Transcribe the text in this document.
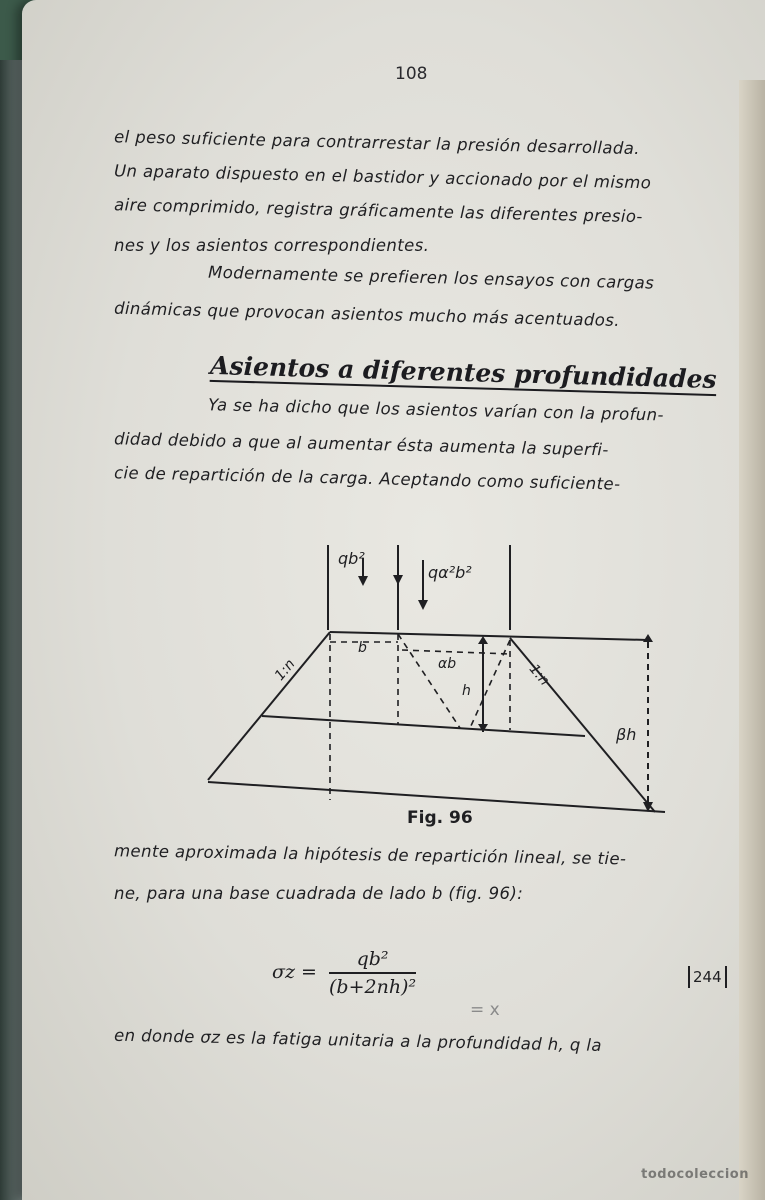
108
el peso suficiente para contrarrestar la presión desarrollada.
Un aparato dispuesto en el bastidor y accionado por el mismo
aire comprimido, registra gráficamente las diferentes presio-
nes y los asientos correspondientes.
Modernamente se prefieren los ensayos con cargas
dinámicas que provocan asientos mucho más acentuados.
Asientos a diferentes profundidades
Ya se ha dicho que los asientos varían con la profun-
didad debido a que al aumentar ésta aumenta la superfi-
cie de repartición de la carga. Aceptando como suficiente-
qb²
qα²b²
b
αb
h
βh
1:n	1:n
Fig. 96
mente aproximada la hipótesis de repartición lineal, se tie-
ne, para una base cuadrada de lado b (fig. 96):
$\sigma z = \frac{\text{qb²}}{\text{(b+2nh)²}}$	244
= x
en donde σz es la fatiga unitaria a la profundidad h, q la
todocoleccion
